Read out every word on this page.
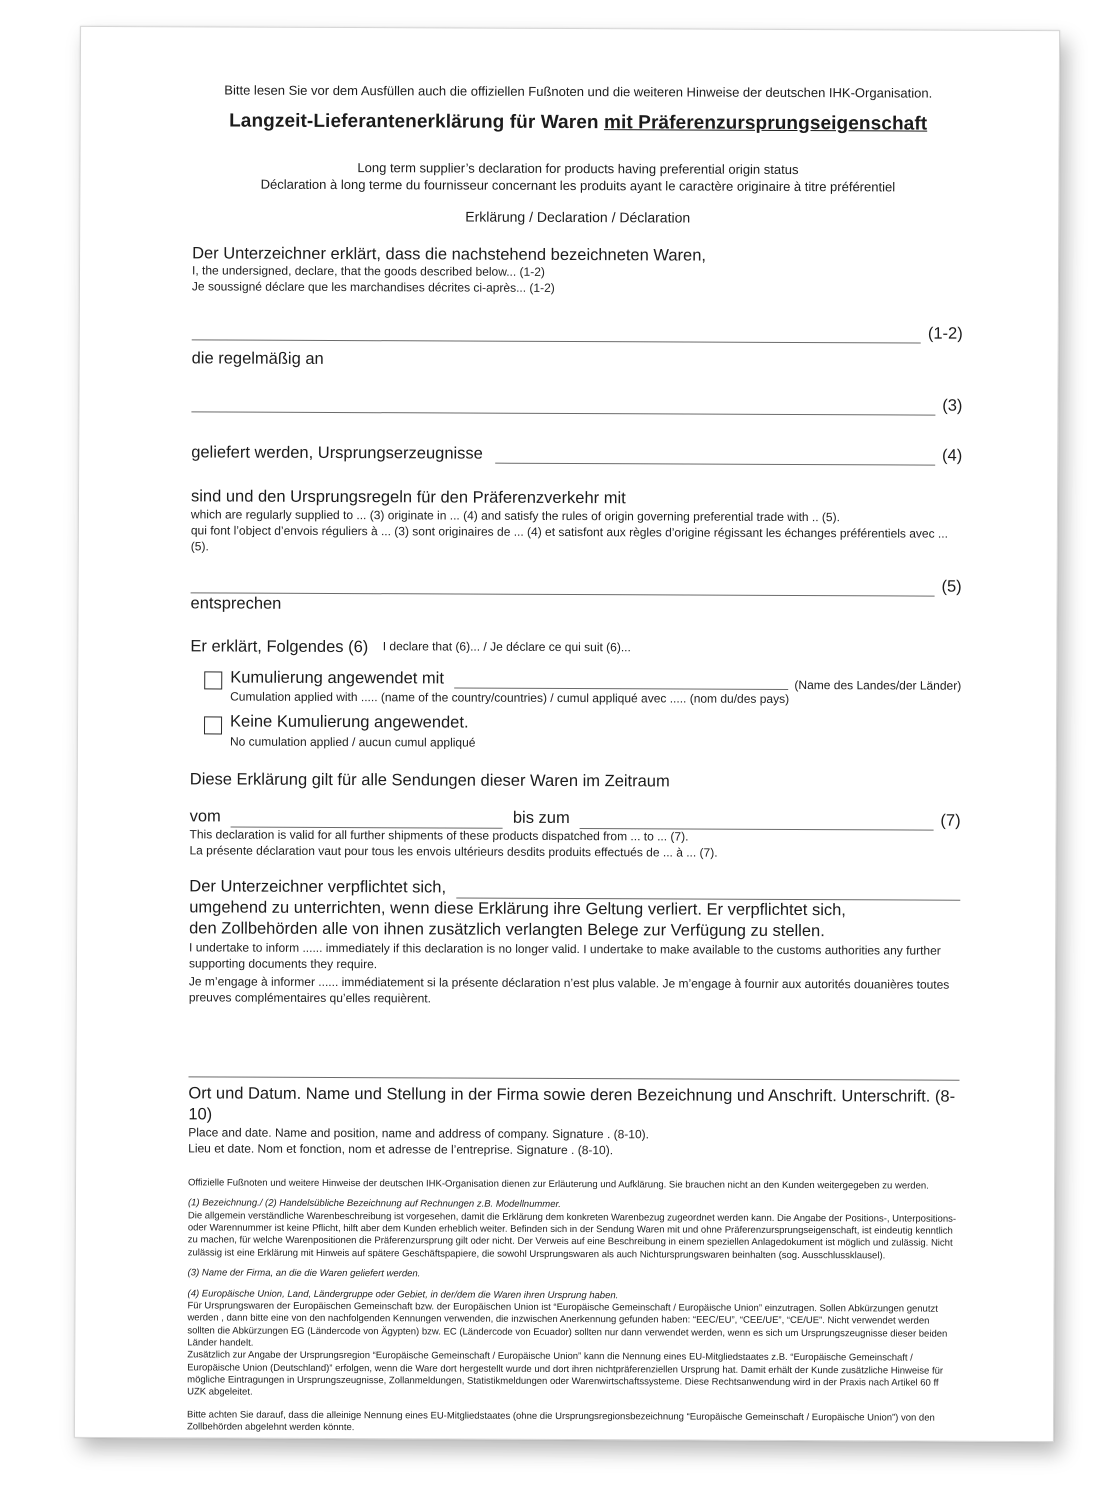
Bitte lesen Sie vor dem Ausfüllen auch die offiziellen Fußnoten und die weiteren Hinweise der deutschen IHK-Organisation.
Langzeit-Lieferantenerklärung für Waren mit Präferenzursprungseigenschaft
Long term supplier’s declaration for products having preferential origin status
Déclaration à long terme du fournisseur concernant les produits ayant le caractère originaire à titre préférentiel
Erklärung / Declaration / Déclaration
Der Unterzeichner erklärt, dass die nachstehend bezeichneten Waren,
I, the undersigned, declare, that the goods described below... (1-2)
Je soussigné déclare que les marchandises décrites ci-après... (1-2)
(1-2)
die regelmäßig an
(3)
geliefert werden, Ursprungserzeugnisse	(4)
sind und den Ursprungsregeln für den Präferenzverkehr mit
which are regularly supplied to ... (3) originate in ... (4) and satisfy the rules of origin governing preferential trade with .. (5).
qui font l’object d’envois réguliers à ... (3) sont originaires de ... (4) et satisfont aux règles d’origine régissant les échanges préférentiels avec ... (5).
(5)
entsprechen
Er erklärt, Folgendes (6) I declare that (6)... / Je déclare ce qui suit (6)...
Kumulierung angewendet mit	(Name des Landes/der Länder)
Cumulation applied with ..... (name of the country/countries) / cumul appliqué avec ..... (nom du/des pays)
Keine Kumulierung angewendet.
No cumulation applied / aucun cumul appliqué
Diese Erklärung gilt für alle Sendungen dieser Waren im Zeitraum
vom	bis zum	(7)
This declaration is valid for all further shipments of these products dispatched from ... to ... (7).
La présente déclaration vaut pour tous les envois ultérieurs desdits produits effectués de ... à ... (7).
Der Unterzeichner verpflichtet sich,
umgehend zu unterrichten, wenn diese Erklärung ihre Geltung verliert. Er verpflichtet sich,
den Zollbehörden alle von ihnen zusätzlich verlangten Belege zur Verfügung zu stellen.
I undertake to inform ...... immediately if this declaration is no longer valid. I undertake to make available to the customs authorities any further supporting documents they require.
Je m’engage à informer ...... immédiatement si la présente déclaration n’est plus valable. Je m’engage à fournir aux autorités douanières toutes preuves complémentaires qu’elles requièrent.
Ort und Datum. Name und Stellung in der Firma sowie deren Bezeichnung und Anschrift. Unterschrift. (8-10)
Place and date. Name and position, name and address of company. Signature . (8-10).
Lieu et date. Nom et fonction, nom et adresse de l’entreprise. Signature . (8-10).
Offizielle Fußnoten und weitere Hinweise der deutschen IHK-Organisation dienen zur Erläuterung und Aufklärung. Sie brauchen nicht an den Kunden weitergegeben zu werden.
(1) Bezeichnung./ (2) Handelsübliche Bezeichnung auf Rechnungen z.B. Modellnummer.
Die allgemein verständliche Warenbeschreibung ist vorgesehen, damit die Erklärung dem konkreten Warenbezug zugeordnet werden kann. Die Angabe der Positions-, Unterpositions- oder Warennummer ist keine Pflicht, hilft aber dem Kunden erheblich weiter. Befinden sich in der Sendung Waren mit und ohne Präferenzursprungseigenschaft, ist eindeutig kenntlich zu machen, für welche Warenpositionen die Präferenzursprung gilt oder nicht. Der Verweis auf eine Beschreibung in einem speziellen Anlagedokument ist möglich und zulässig. Nicht zulässig ist eine Erklärung mit Hinweis auf spätere Geschäftspapiere, die sowohl Ursprungswaren als auch Nichtursprungswaren beinhalten (sog. Ausschlussklausel).
(3) Name der Firma, an die die Waren geliefert werden.
(4) Europäische Union, Land, Ländergruppe oder Gebiet, in der/dem die Waren ihren Ursprung haben.
Für Ursprungswaren der Europäischen Gemeinschaft bzw. der Europäischen Union ist “Europäische Gemeinschaft / Europäische Union” einzutragen. Sollen Abkürzungen genutzt werden , dann bitte eine von den nachfolgenden Kennungen verwenden, die inzwischen Anerkennung gefunden haben: “EEC/EU”, “CEE/UE”, “CE/UE”. Nicht verwendet werden sollten die Abkürzungen EG (Ländercode von Ägypten) bzw. EC (Ländercode von Ecuador) sollten nur dann verwendet werden, wenn es sich um Ursprungszeugnisse dieser beiden Länder handelt.
Zusätzlich zur Angabe der Ursprungsregion “Europäische Gemeinschaft / Europäische Union” kann die Nennung eines EU-Mitgliedstaates z.B. “Europäische Gemeinschaft / Europäische Union (Deutschland)” erfolgen, wenn die Ware dort hergestellt wurde und dort ihren nichtpräferenziellen Ursprung hat. Damit erhält der Kunde zusätzliche Hinweise für mögliche Eintragungen in Ursprungszeugnisse, Zollanmeldungen, Statistikmeldungen oder Warenwirtschaftssysteme. Diese Rechtsanwendung wird in der Praxis nach Artikel 60 ff UZK abgeleitet.
Bitte achten Sie darauf, dass die alleinige Nennung eines EU-Mitgliedstaates (ohne die Ursprungsregionsbezeichnung “Europäische Gemeinschaft / Europäische Union”) von den Zollbehörden abgelehnt werden könnte.
